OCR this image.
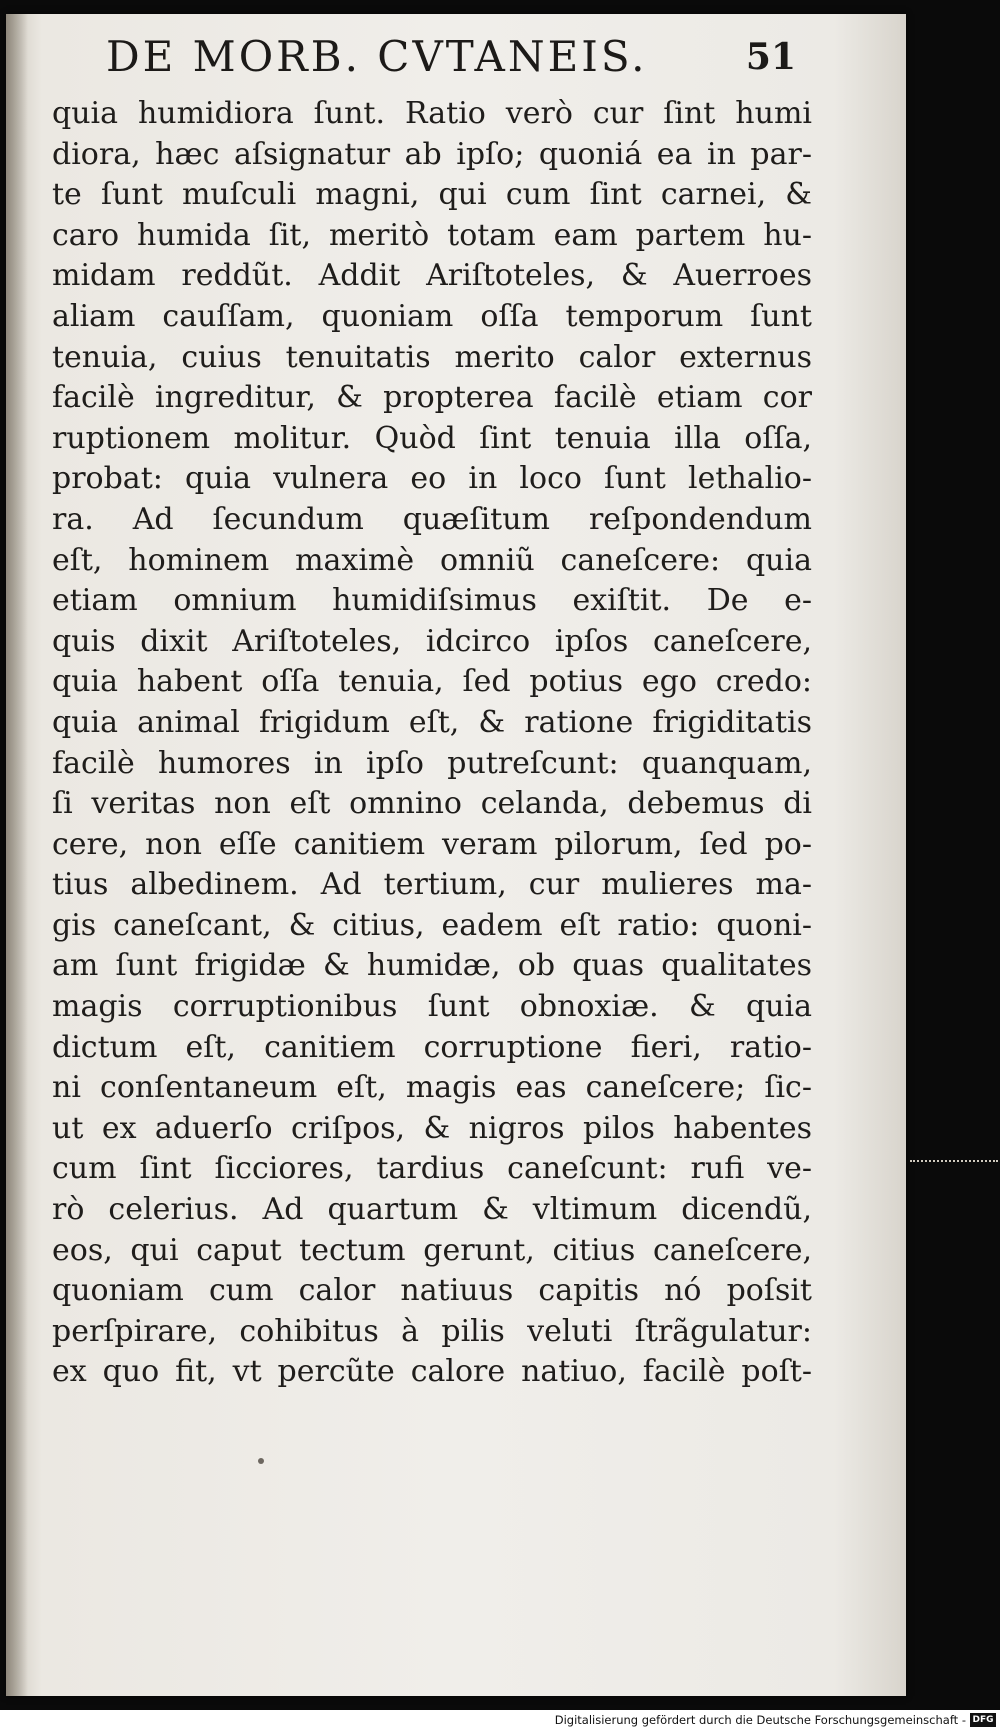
DE MORB. CVTANEIS.	51
quia humidiora ſunt. Ratio verò cur ſint humi
diora, hæc aſsignatur ab ipſo; quoniá ea in par-
te ſunt muſculi magni, qui cum ſint carnei, &
caro humida ſit, meritò totam eam partem hu-
midam reddũt. Addit Ariſtoteles, & Auerroes
aliam cauſſam, quoniam oſſa temporum ſunt
tenuia, cuius tenuitatis merito calor externus
facilè ingreditur, & propterea facilè etiam cor
ruptionem molitur. Quòd ſint tenuia illa oſſa,
probat: quia vulnera eo in loco ſunt lethalio-
ra. Ad ſecundum quæſitum reſpondendum
eſt, hominem maximè omniũ caneſcere: quia
etiam omnium humidiſsimus exiſtit. De e-
quis dixit Ariſtoteles, idcirco ipſos caneſcere,
quia habent oſſa tenuia, ſed potius ego credo:
quia animal frigidum eſt, & ratione frigiditatis
facilè humores in ipſo putreſcunt: quanquam,
ſi veritas non eſt omnino celanda, debemus di
cere, non eſſe canitiem veram pilorum, ſed po-
tius albedinem. Ad tertium, cur mulieres ma-
gis caneſcant, & citius, eadem eſt ratio: quoni-
am ſunt frigidæ & humidæ, ob quas qualitates
magis corruptionibus ſunt obnoxiæ. & quia
dictum eſt, canitiem corruptione fieri, ratio-
ni conſentaneum eſt, magis eas caneſcere; ſic-
ut ex aduerſo criſpos, & nigros pilos habentes
cum ſint ſicciores, tardius caneſcunt: rufi ve-
rò celerius. Ad quartum & vltimum dicendũ,
eos, qui caput tectum gerunt, citius caneſcere,
quoniam cum calor natiuus capitis nó poſsit
perſpirare, cohibitus à pilis veluti ſtrãgulatur:
ex quo fit, vt percũte calore natiuo, facilè poſt-
Digitalisierung gefördert durch die Deutsche Forschungsgemeinschaft - DFG
